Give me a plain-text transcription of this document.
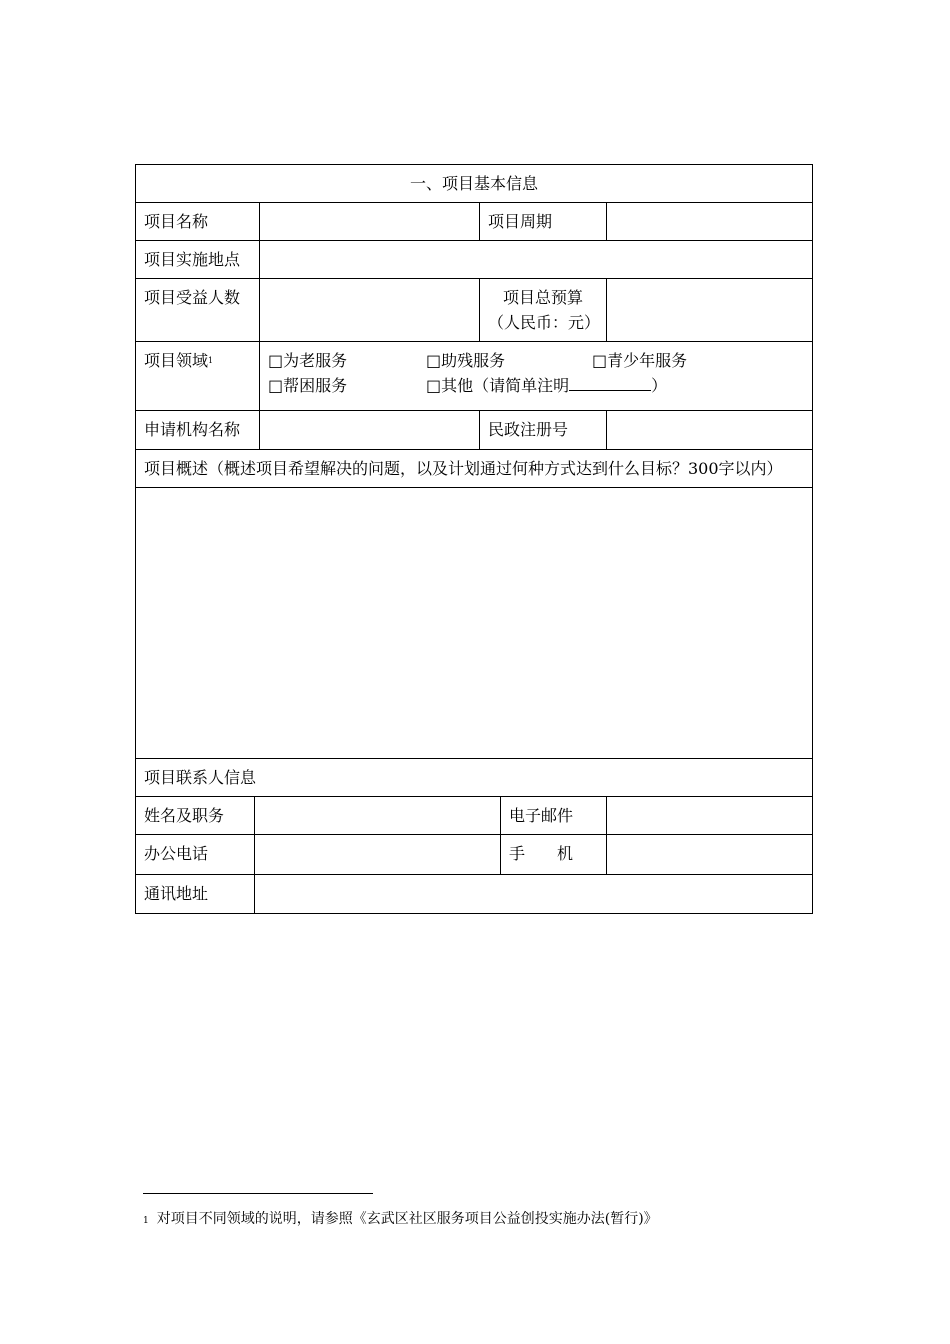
一、项目基本信息			
项目名称		项目周期	
项目实施地点			
项目受益人数		项目总预算
（人民币：元）	

项目领域$^1$	□为老服务 □助残服务 □青少年服务
□帮困服务 □其他（请简单注明 ）		

申请机构名称		民政注册号	
项目概述（概述项目希望解决的问题，以及计划通过何种方式达到什么目标？300字以内）			

项目联系人信息			
姓名及职务		电子邮件	
办公电话		手　　机	
通讯地址			
1 对项目不同领域的说明，请参照《玄武区社区服务项目公益创投实施办法(暂行)》
